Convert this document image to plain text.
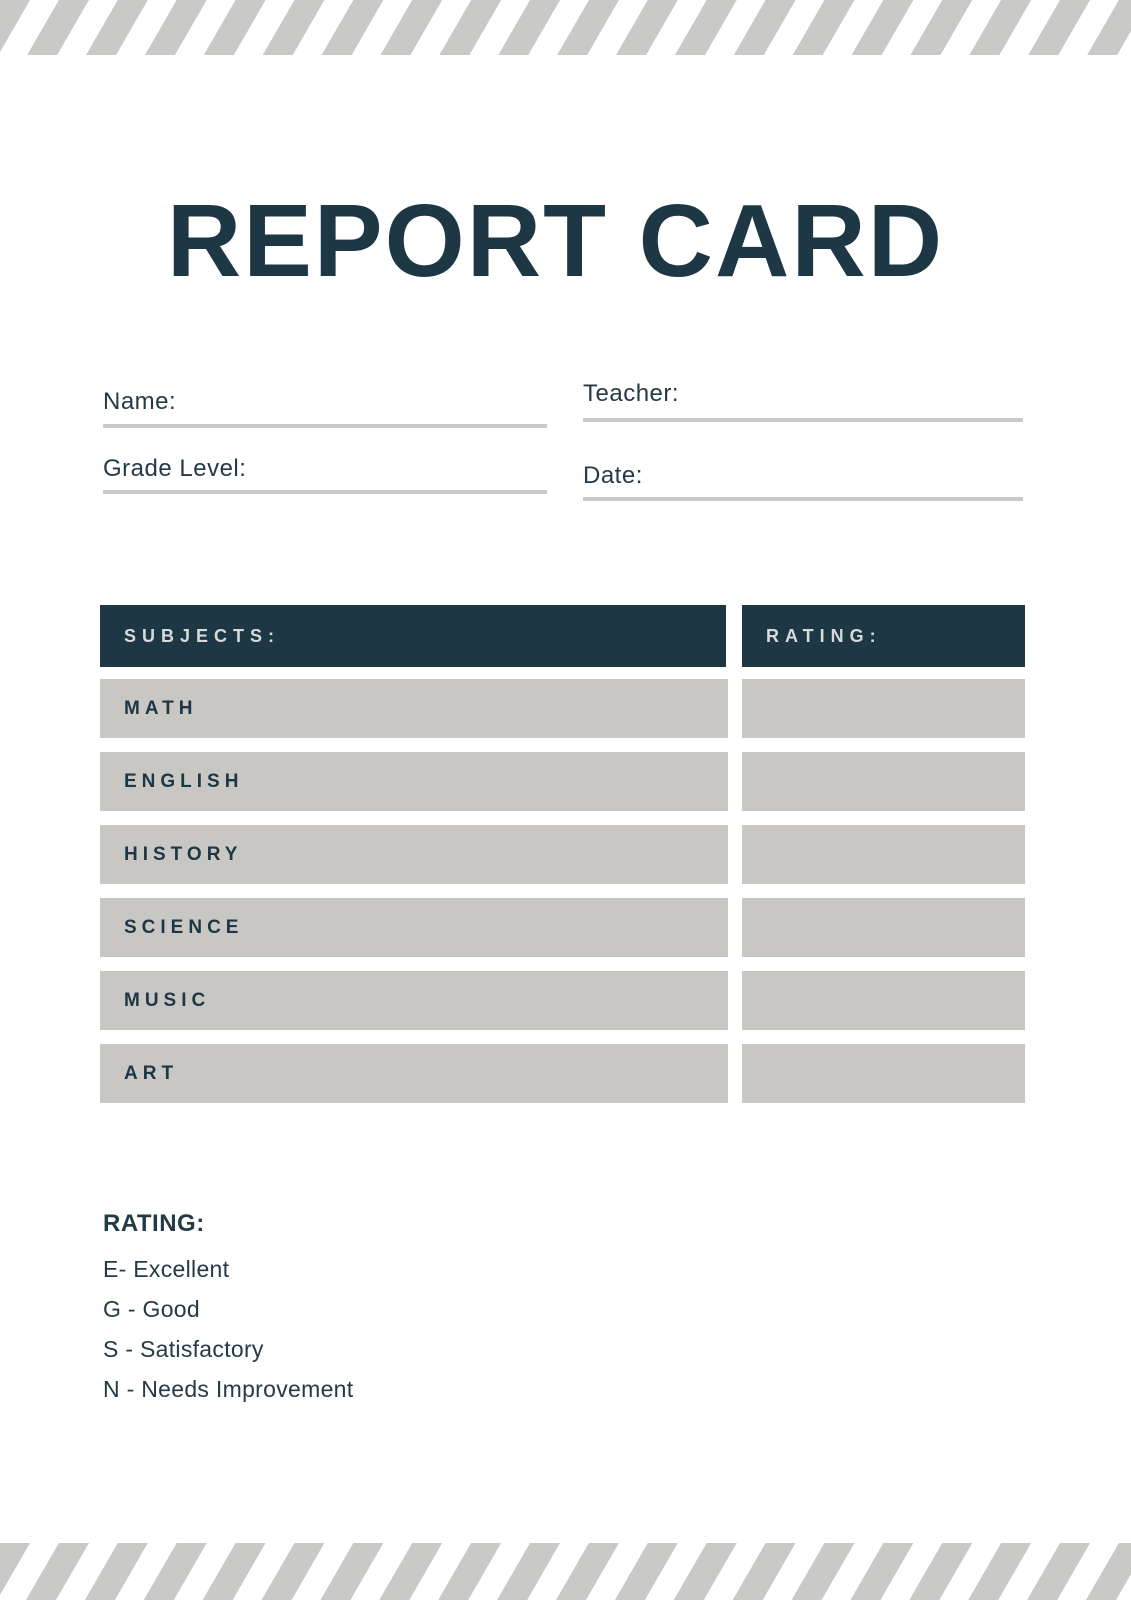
REPORT CARD
Name:	Teacher:
Grade Level:	Date:
SUBJECTS:	RATING:
MATH
ENGLISH
HISTORY
SCIENCE
MUSIC
ART
RATING:
E- Excellent
G - Good
S - Satisfactory
N - Needs Improvement
